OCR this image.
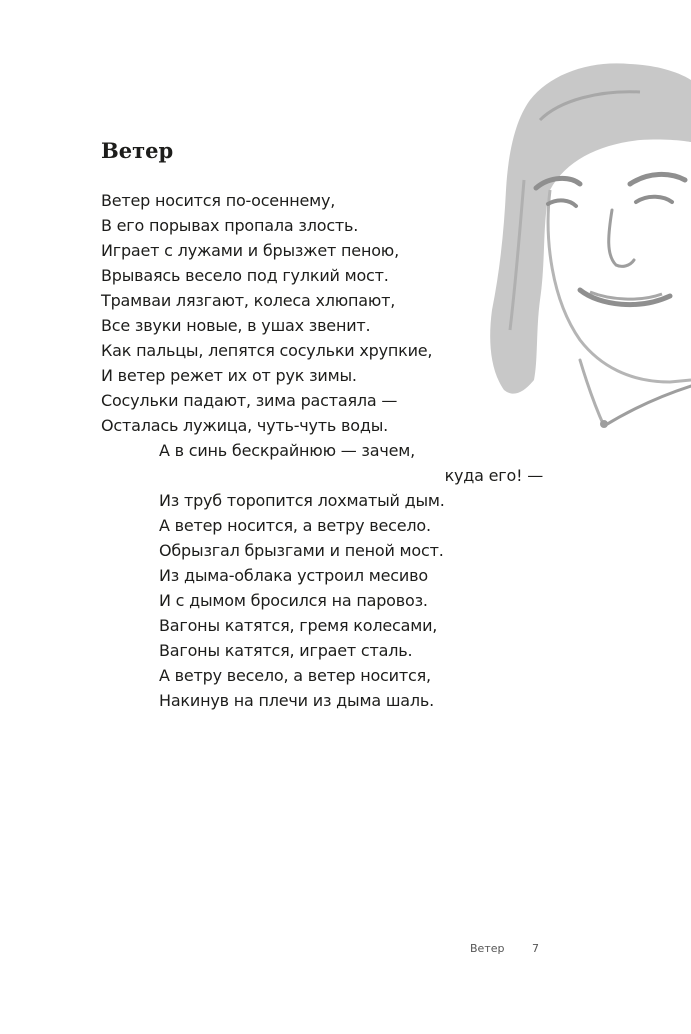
Ветер
Ветер носится по-осеннему,
В его порывах пропала злость.
Играет с лужами и брызжет пеною,
Врываясь весело под гулкий мост.
Трамваи лязгают, колеса хлюпают,
Все звуки новые, в ушах звенит.
Как пальцы, лепятся сосульки хрупкие,
И ветер режет их от рук зимы.
Сосульки падают, зима растаяла —
Осталась лужица, чуть-чуть воды.
А в синь бескрайнюю — зачем,
куда его! —
Из труб торопится лохматый дым.
А ветер носится, а ветру весело.
Обрызгал брызгами и пеной мост.
Из дыма-облака устроил месиво
И с дымом бросился на паровоз.
Вагоны катятся, гремя колесами,
Вагоны катятся, играет сталь.
А ветру весело, а ветер носится,
Накинув на плечи из дыма шаль.
Ветер	7
